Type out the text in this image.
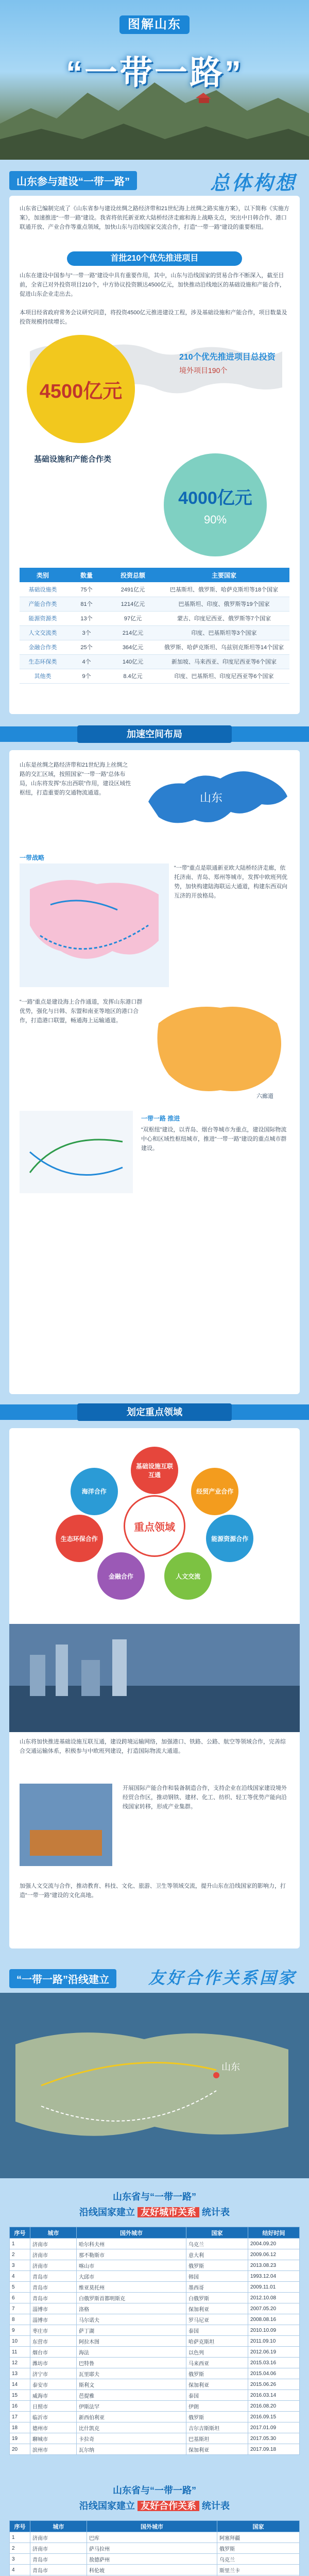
图解山东
“一带一路”
山东参与建设“一带一路”	总体构想

山东省已编制完成了《山东省参与建设丝绸之路经济带和21世纪海上丝绸之路实施方案》，以下简称《实施方案》，加速推进“一带一路”建设。我省将依托新亚欧大陆桥经济走廊和海上战略支点，突出中日韩合作、港口联通开放、产业合作等重点领域，加快山东与沿线国家交流合作，打造“一带一路”建设的重要枢纽。

首批210个优先推进项目

山东在建设中国参与“一带一路”建设中具有重要作用，其中，山东与沿线国家的贸易合作不断深入，截至目前，全省已对外投资项目210个，中方协议投资额达4500亿元，加快推动沿线地区的基础设施和产能合作，促进山东企业走出去。

本项目经省政府常务会议研究同意，将投资4500亿元推进建设工程，涉及基础设施和产能合作，项目数量及投资规模持续增长。

4500亿元
210个优先推进项目总投资
境外项目190个
基础设施和产能合作类
4000亿元
90%
类别	数量	投资总额	主要国家
基础设施类	75个	2491亿元	巴基斯坦、俄罗斯、哈萨克斯坦等18个国家
产能合作类	81个	1214亿元	巴基斯坦、印度、俄罗斯等19个国家
能源资源类	13个	97亿元	蒙古、印度尼西亚、俄罗斯等7个国家
人文交流类	3个	214亿元	印度、巴基斯坦等3个国家
金融合作类	25个	364亿元	俄罗斯、哈萨克斯坦、乌兹别克斯坦等14个国家
生态环保类	4个	140亿元	新加坡、马来西亚、印度尼西亚等6个国家
其他类	9个	8.4亿元	印度、巴基斯坦、印度尼西亚等6个国家
加速空间布局

山东是丝绸之路经济带和21世纪海上丝绸之路的交汇区域，按照国家“一带一路”总体布局，山东将发挥“东出西联”作用，建设区域性枢纽，打造重要的交通物流通道。	山东
一带战略

“一带”重点是联通新亚欧大陆桥经济走廊，依托济南、青岛、郑州等城市，发挥中欧班列优势，加快构建陆海联运大通道，构建东西双向互济的开放格局。

“一路”重点是建设海上合作通道，发挥山东港口群优势，强化与日韩、东盟和南亚等地区的港口合作，打造港口联盟，畅通海上运输通道。

六廊道
一带一路 推进

“双枢纽”建设，以青岛、烟台等城市为重点，建设国际物流中心和区域性枢纽城市，推进“一带一路”建设的重点城市群建设。

划定重点领域
重点领域
基础设施互联互通
经贸产业合作
能源资源合作
人文交流
金融合作
生态环保合作
海洋合作

山东将加快推进基础设施互联互通，建设跨境运输网络，加强港口、铁路、公路、航空等领域合作，完善综合交通运输体系，积极参与中欧班列建设，打造国际物流大通道。

开展国际产能合作和装备制造合作，支持企业在沿线国家建设境外经贸合作区，推动钢铁、建材、化工、纺织、轻工等优势产能向沿线国家转移，形成产业集群。

加强人文交流与合作，推动教育、科技、文化、旅游、卫生等领域交流，提升山东在沿线国家的影响力，打造“一带一路”建设的文化高地。

“一带一路”沿线建立	友好合作关系国家
山东
山东省与“一带一路”
沿线国家建立 友好城市关系 统计表
序号	城市	国外城市	国家	结好时间
1	济南市	哈尔科夫州	乌克兰	2004.09.20
2	济南市	那不勒斯市	意大利	2009.06.12
3	济南市	喀山市	俄罗斯	2013.08.23
4	青岛市	大邱市	韩国	1993.12.04
5	青岛市	维亚莫托州	墨西哥	2009.11.01
6	青岛市	白俄罗斯首都明斯克	白俄罗斯	2012.10.08
7	淄博市	洛格	保加利亚	2007.05.20
8	淄博市	马尔诺夫	罗马尼亚	2008.08.16
9	枣庄市	萨丁湖	泰国	2010.10.09
10	东营市	阿拉木图	哈萨克斯坦	2011.09.10
11	烟台市	海法	以色列	2012.06.19
12	潍坊市	巴特鲁	马来西亚	2015.03.16
13	济宁市	瓦里耶夫	俄罗斯	2015.04.06
14	泰安市	斯利文	保加利亚	2015.06.26
15	威海市	芭提雅	泰国	2016.03.14
16	日照市	伊斯法罕	伊朗	2016.08.20
17	临沂市	新西伯利亚	俄罗斯	2016.09.15
18	德州市	比什凯克	吉尔吉斯斯坦	2017.01.09
19	聊城市	卡拉奇	巴基斯坦	2017.05.30
20	滨州市	瓦尔纳	保加利亚	2017.09.18
山东省与“一带一路”
沿线国家建立 友好合作关系 统计表
序号	城市	国外城市	国家
1	济南市	巴库	阿塞拜疆
2	济南市	萨马拉州	俄罗斯
3	青岛市	敖德萨州	乌克兰
4	青岛市	科伦坡	斯里兰卡
